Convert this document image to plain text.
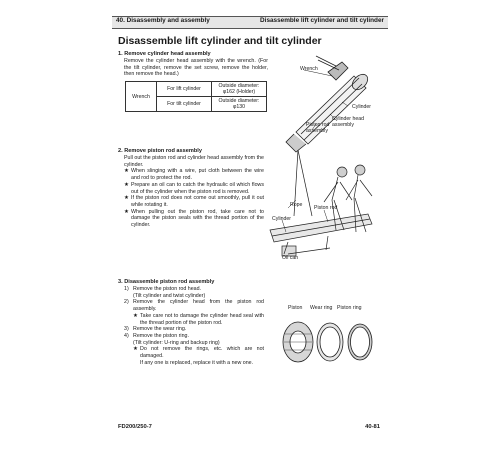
40. Disassembly and assembly	Disassemble lift cylinder and tilt cylinder
Disassemble lift cylinder and tilt cylinder
1. Remove cylinder head assembly
Remove the cylinder head assembly with the wrench. (For the tilt cylinder, remove the set screw, remove the holder, then remove the head.)
Wrench	For lift cylinder	Outside diameter: φ162 (Holder)
	For tilt cylinder	Outside diameter: φ130
Wrench
Cylinder
Cylinder head assembly
Piston rod assembly
2. Remove piston rod assembly
Pull out the piston rod and cylinder head assembly from the cylinder.
★ When slinging with a wire, put cloth between the wire and rod to protect the rod.
★ Prepare an oil can to catch the hydraulic oil which flows out of the cylinder when the piston rod is removed.
★ If the piston rod does not come out smoothly, pull it out while rotating it.
★ When pulling out the piston rod, take care not to damage the piston seals with the thread portion of the cylinder.
Rope Piston rod
Cylinder
Oil can
3. Disassemble piston rod assembly
1) Remove the piston rod head.
(Tilt cylinder and twist cylinder)
2) Remove the cylinder head from the piston rod assembly.
★ Take care not to damage the cylinder head seal with the thread portion of the piston rod.
3) Remove the wear ring.
4) Remove the piston ring.
(Tilt cylinder: U-ring and backup ring)
★ Do not remove the rings, etc. which are not damaged.
If any one is replaced, replace it with a new one.
Piston Wear ring Piston ring
FD200/250-7	40-81
